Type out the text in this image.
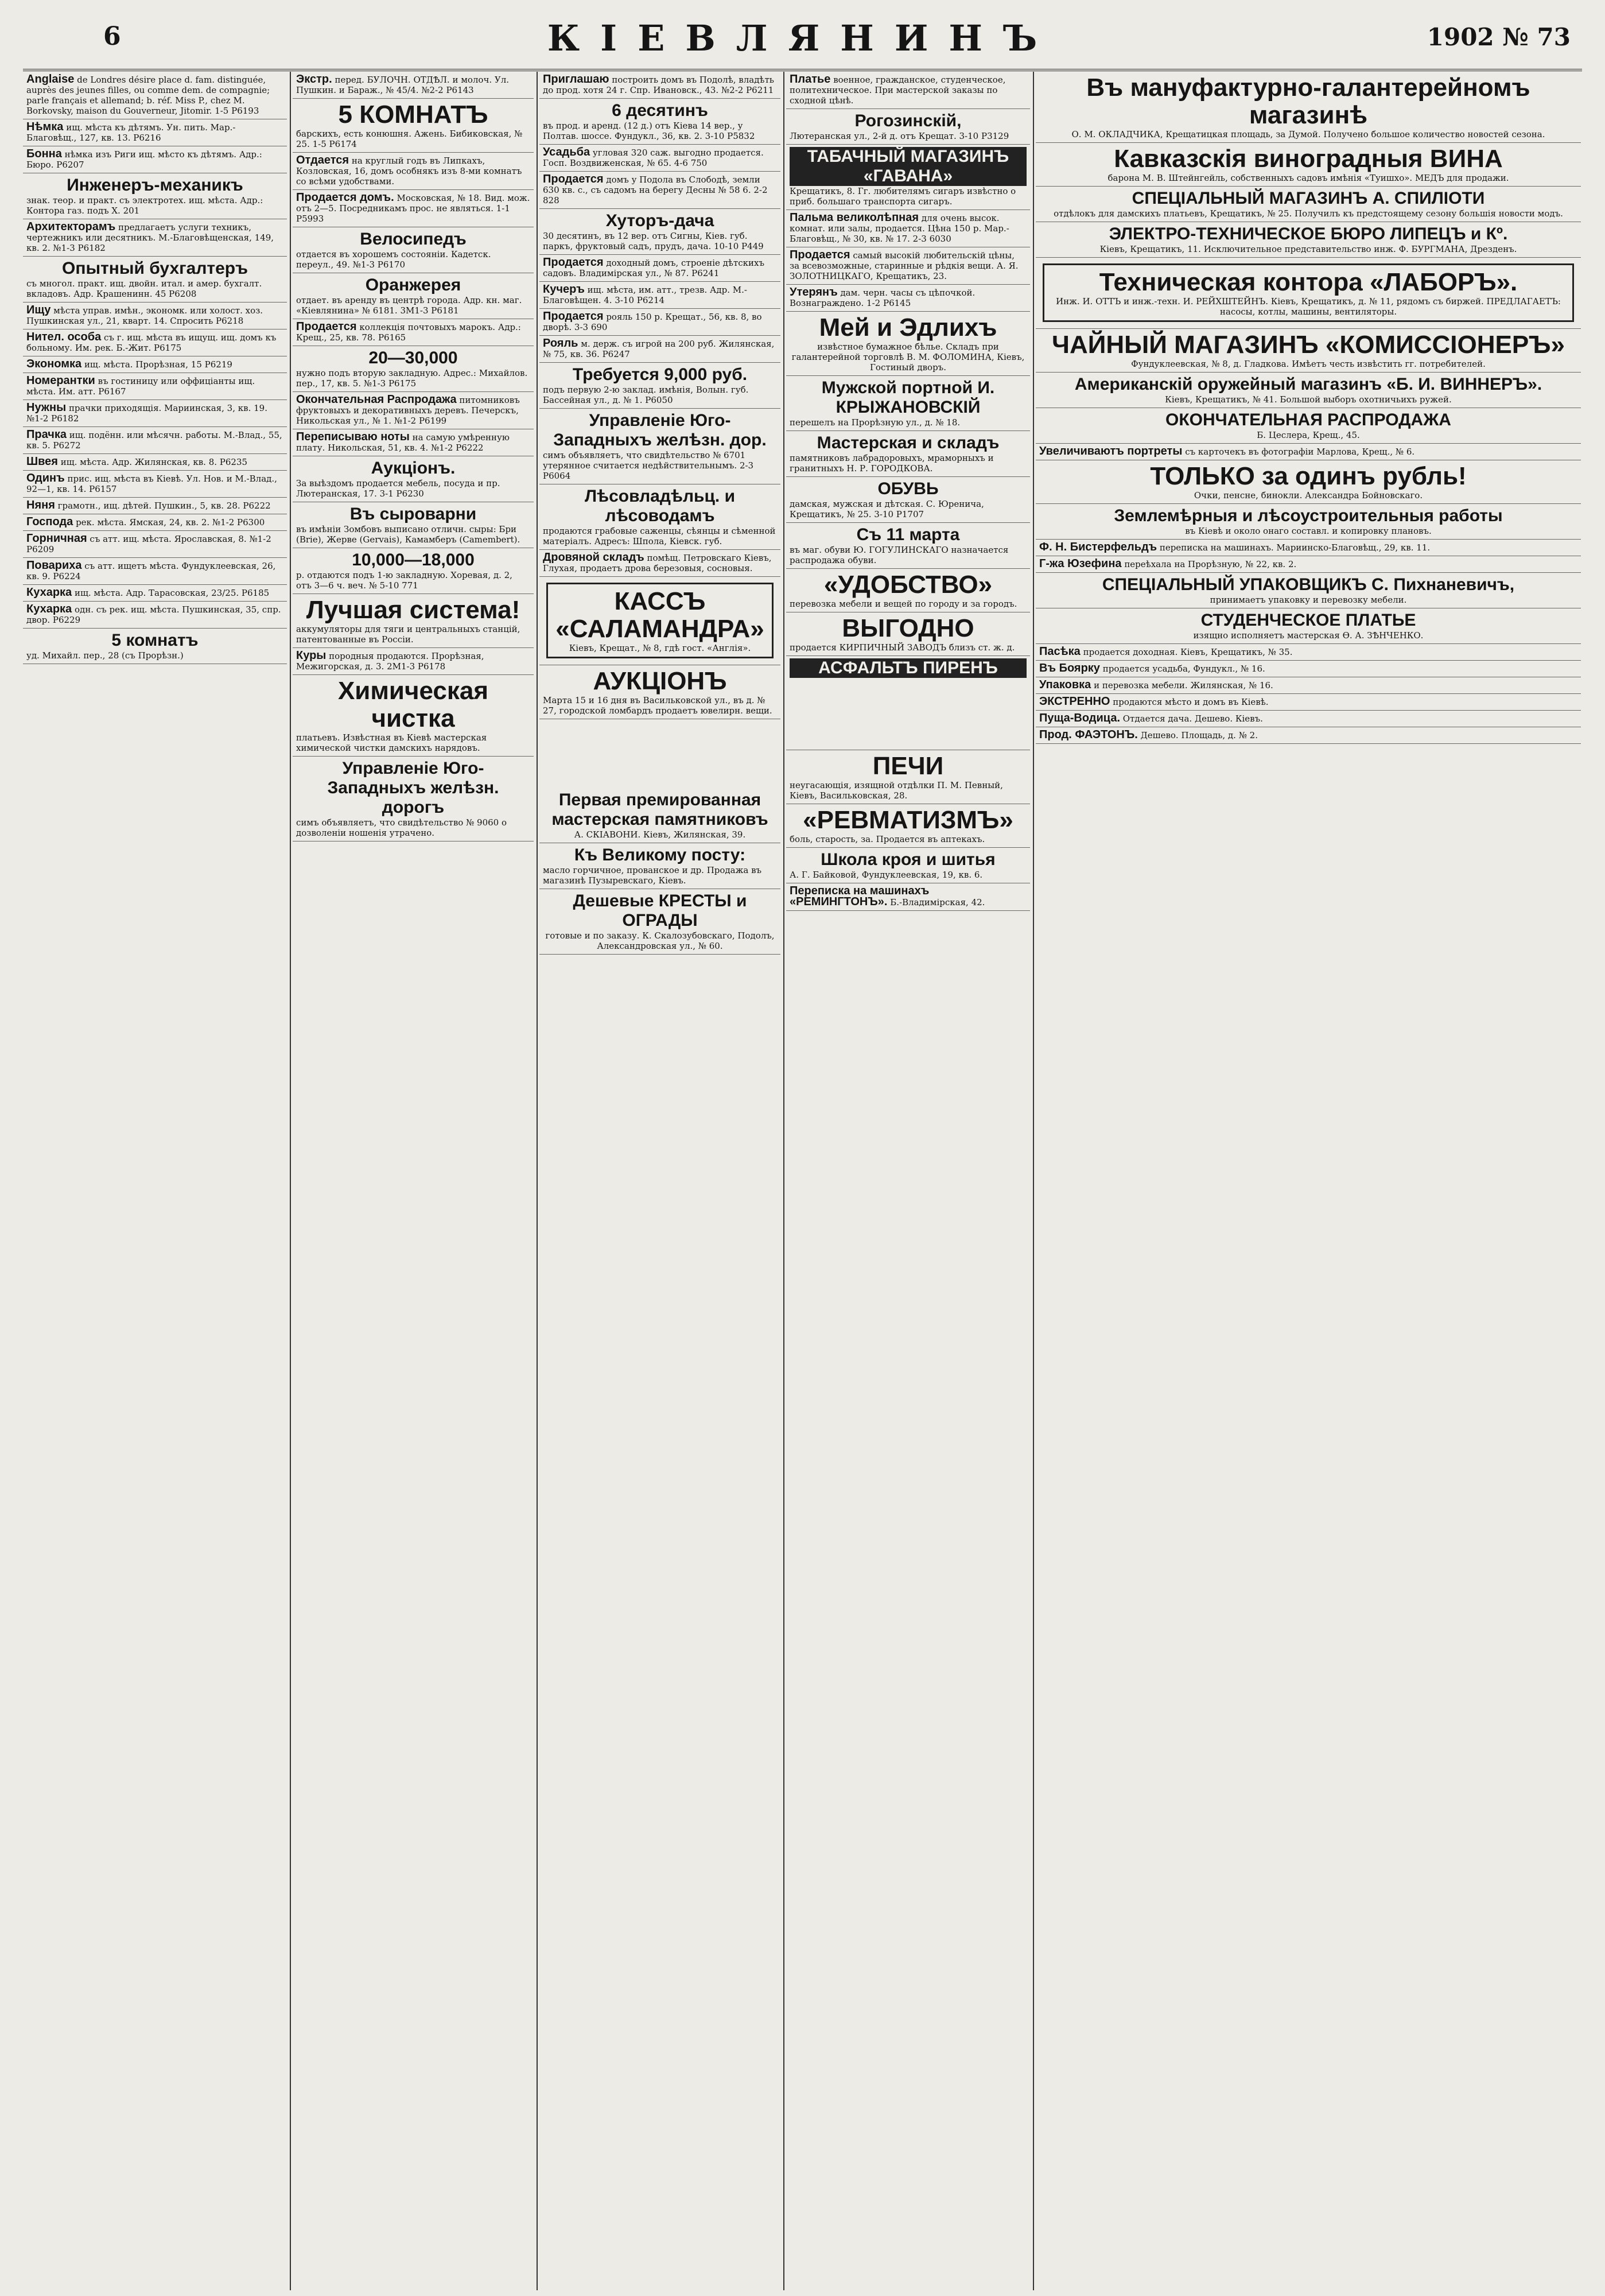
6	КІЕВЛЯНИНЪ	1902 № 73
Anglaise de Londres désire place d. fam. distinguée, auprès des jeunes filles, ou comme dem. de compagnie; parle français et allemand; b. réf. Miss P., chez M. Borkovsky, maison du Gouverneur, Jitomir. 1-5 Р6193
Нѣмка ищ. мѣста къ дѣтямъ. Ун. пить. Мар.-Благовѣщ., 127, кв. 13. Р6216
Бонна нѣмка изъ Риги ищ. мѣсто къ дѣтямъ. Адр.: Бюро. Р6207
Инженеръ-механикъ
знак. теор. и практ. съ электротех. ищ. мѣста. Адр.: Контора газ. подъ Х. 201
Архитекторамъ предлагаетъ услуги техникъ, чертежникъ или десятникъ. М.-Благовѣщенская, 149, кв. 2. №1-3 Р6182
Опытный бухгалтеръ
съ многол. практ. ищ. двойн. итал. и амер. бухгалт. вкладовъ. Адр. Крашенинн. 45 Р6208
Ищу мѣста управ. имѣн., экономк. или холост. хоз. Пушкинская ул., 21, кварт. 14. Спросить Р6218
Нител. особа съ г. ищ. мѣста въ ищущ. ищ. домъ къ больному. Им. рек. Б.-Жит. Р6175
Экономка ищ. мѣста. Прорѣзная, 15 Р6219
Номерантки въ гостиницу или оффиціанты ищ. мѣста. Им. атт. Р6167
Нужны прачки приходящія. Мариинская, 3, кв. 19. №1-2 Р6182
Прачка ищ. подённ. или мѣсячн. работы. М.-Влад., 55, кв. 5. Р6272
Швея ищ. мѣста. Адр. Жилянская, кв. 8. Р6235
Одинъ прис. ищ. мѣста въ Кіевѣ. Ул. Нов. и М.-Влад., 92—1, кв. 14. Р6157
Няня грамотн., ищ. дѣтей. Пушкин., 5, кв. 28. Р6222
Господа рек. мѣста. Ямская, 24, кв. 2. №1-2 Р6300
Горничная съ атт. ищ. мѣста. Ярославская, 8. №1-2 Р6209
Повариха съ атт. ищетъ мѣста. Фундуклеевская, 26, кв. 9. Р6224
Кухарка ищ. мѣста. Адр. Тарасовская, 23/25. Р6185
Кухарка одн. съ рек. ищ. мѣста. Пушкинская, 35, спр. двор. Р6229
5 комнатъ
уд. Михайл. пер., 28 (съ Прорѣзн.)
Экстр. перед. БУЛОЧН. ОТДѢЛ. и молоч. Ул. Пушкин. и Бараж., № 45/4. №2-2 Р6143
5 КОМНАТЪ
барскихъ, есть конюшня. Ажень. Бибиковская, № 25. 1-5 Р6174
Отдается на круглый годъ въ Липкахъ, Козловская, 16, домъ особнякъ изъ 8-ми комнатъ со всѣми удобствами.
Продается домъ. Московская, № 18. Вид. мож. отъ 2—5. Посредникамъ прос. не являться. 1-1 Р5993
Велосипедъ
отдается въ хорошемъ состояніи. Кадетск. переул., 49. №1-3 Р6170
Оранжерея
отдает. въ аренду въ центрѣ города. Адр. кн. маг. «Кіевлянина» № 6181. 3М1-3 Р6181
Продается коллекція почтовыхъ марокъ. Адр.: Крещ., 25, кв. 78. Р6165
20—30,000
нужно подъ вторую закладную. Адрес.: Михайлов. пер., 17, кв. 5. №1-3 Р6175
Окончательная Распродажа питомниковъ фруктовыхъ и декоративныхъ деревъ. Печерскъ, Никольская ул., № 1. №1-2 Р6199
Переписываю ноты на самую умѣренную плату. Никольская, 51, кв. 4. №1-2 Р6222
Аукціонъ.
За выѣздомъ продается мебель, посуда и пр. Лютеранская, 17. 3-1 Р6230
Въ сыроварни
въ имѣніи Зомбовъ выписано отличн. сыры: Бри (Brie), Жерве (Gervais), Камамберъ (Camembert).
10,000—18,000
р. отдаются подъ 1-ю закладную. Хоревая, д. 2, отъ 3—6 ч. веч. № 5-10 771
Лучшая система!
аккумуляторы для тяги и центральныхъ станцій, патентованные въ Россіи.
Куры породныя продаются. Прорѣзная, Межигорская, д. 3. 2М1-3 Р6178
Химическая чистка
платьевъ. Извѣстная въ Кіевѣ мастерская химической чистки дамскихъ нарядовъ.
Управленіе Юго-Западныхъ желѣзн. дорогъ
симъ объявляетъ, что свидѣтельство № 9060 о дозволеніи ношенія утрачено.
Приглашаю построить домъ въ Подолѣ, владѣть до прод. хотя 24 г. Спр. Ивановск., 43. №2-2 Р6211
6 десятинъ
въ прод. и аренд. (12 д.) отъ Кіева 14 вер., у Полтав. шоссе. Фундукл., 36, кв. 2. 3-10 Р5832
Усадьба угловая 320 саж. выгодно продается. Госп. Воздвиженская, № 65. 4-6 750
Продается домъ у Подола въ Слободѣ, земли 630 кв. с., съ садомъ на берегу Десны № 58 6. 2-2 828
Хуторъ-дача
30 десятинъ, въ 12 вер. отъ Сигны, Кіев. губ. паркъ, фруктовый садъ, прудъ, дача. 10-10 Р449
Продается доходный домъ, строеніе дѣтскихъ садовъ. Владимірская ул., № 87. Р6241
Кучеръ ищ. мѣста, им. атт., трезв. Адр. М.-Благовѣщен. 4. 3-10 Р6214
Продается рояль 150 р. Крещат., 56, кв. 8, во дворѣ. 3-3 690
Рояль м. держ. съ игрой на 200 руб. Жилянская, № 75, кв. 36. Р6247
Требуется 9,000 руб.
подъ первую 2-ю заклад. имѣнія, Волын. губ. Бассейная ул., д. № 1. Р6050
Управленіе Юго-Западныхъ желѣзн. дор.
симъ объявляетъ, что свидѣтельство № 6701 утерянное считается недѣйствительнымъ. 2-3 Р6064
Лѣсовладѣльц. и лѣсоводамъ
продаются грабовые саженцы, сѣянцы и сѣменной матеріалъ. Адресъ: Шпола, Кіевск. губ.
Дровяной складъ помѣщ. Петровскаго Кіевъ, Глухая, продаетъ дрова березовыя, сосновыя.
КАССЪ «САЛАМАНДРА»
Кіевъ, Крещат., № 8, гдѣ гост. «Англія».
АУКЦІОНЪ
Марта 15 и 16 дня въ Васильковской ул., въ д. № 27, городской ломбардъ продаетъ ювелирн. вещи.
Первая премированная мастерская памятниковъ
А. СКІАВОНИ. Кіевъ, Жилянская, 39.
Къ Великому посту:
масло горчичное, прованское и др. Продажа въ магазинѣ Пузыревскаго, Кіевъ.
Дешевые КРЕСТЫ и ОГРАДЫ
готовые и по заказу. К. Скалозубовскаго, Подолъ, Александровская ул., № 60.
Платье военное, гражданское, студенческое, политехническое. При мастерской заказы по сходной цѣнѣ.
Рогозинскій,
Лютеранская ул., 2-й д. отъ Крещат. 3-10 Р3129
ТАБАЧНЫЙ МАГАЗИНЪ «ГАВАНА»
Крещатикъ, 8. Гг. любителямъ сигаръ извѣстно о приб. большаго транспорта сигаръ.
Пальма великолѣпная для очень высок. комнат. или залы, продается. Цѣна 150 р. Мар.-Благовѣщ., № 30, кв. № 17. 2-3 6030
Продается самый высокій любительскій цѣны, за всевозможные, старинные и рѣдкія вещи. А. Я. ЗОЛОТНИЦКАГО, Крещатикъ, 23.
Утерянъ дам. черн. часы съ цѣпочкой. Вознаграждено. 1-2 Р6145
Мей и Эдлихъ
извѣстное бумажное бѣлье. Складъ при галантерейной торговлѣ В. М. ФОЛОМИНА, Кіевъ, Гостиный дворъ.
Мужской портной И. КРЫЖАНОВСКІЙ
перешелъ на Прорѣзную ул., д. № 18.
Мастерская и складъ
памятниковъ лабрадоровыхъ, мраморныхъ и гранитныхъ Н. Р. ГОРОДКОВА.
ОБУВЬ
дамская, мужская и дѣтская. С. Юренича, Крещатикъ, № 25. 3-10 Р1707
Съ 11 марта
въ маг. обуви Ю. ГОГУЛИНСКАГО назначается распродажа обуви.
«УДОБСТВО»
перевозка мебели и вещей по городу и за городъ.
ВЫГОДНО
продается КИРПИЧНЫЙ ЗАВОДЪ близъ ст. ж. д.
АСФАЛЬТЪ ПИРЕНЪ
ПЕЧИ
неугасающія, изящной отдѣлки П. М. Певный, Кіевъ, Васильковская, 28.
«РЕВМАТИЗМЪ»
боль, старость, за. Продается въ аптекахъ.
Школа кроя и шитья
А. Г. Байковой, Фундуклеевская, 19, кв. 6.
Переписка на машинахъ «РЕМИНГТОНЪ». Б.-Владимірская, 42.
Въ мануфактурно-галантерейномъ магазинѣ
О. М. ОКЛАДЧИКА, Крещатицкая площадь, за Думой. Получено большое количество новостей сезона.
Кавказскія виноградныя ВИНА
барона М. В. Штейнгейль, собственныхъ садовъ имѣнія «Туишхо». МЕДЪ для продажи.
СПЕЦІАЛЬНЫЙ МАГАЗИНЪ А. СПИЛІОТИ
отдѣлокъ для дамскихъ платьевъ, Крещатикъ, № 25. Получилъ къ предстоящему сезону большія новости модъ.
ЭЛЕКТРО-ТЕХНИЧЕСКОЕ БЮРО ЛИПЕЦЪ и Кº.
Кіевъ, Крещатикъ, 11. Исключительное представительство инж. Ф. БУРГМАНА, Дрезденъ.
Техническая контора «ЛАБОРЪ».
Инж. И. ОТТЪ и инж.-техн. И. РЕЙХШТЕЙНЪ. Кіевъ, Крещатикъ, д. № 11, рядомъ съ биржей. ПРЕДЛАГАЕТЪ: насосы, котлы, машины, вентиляторы.
ЧАЙНЫЙ МАГАЗИНЪ «КОМИССІОНЕРЪ»
Фундуклеевская, № 8, д. Гладкова. Имѣетъ честь извѣстить гг. потребителей.
Американскій оружейный магазинъ «Б. И. ВИННЕРЪ».
Кіевъ, Крещатикъ, № 41. Большой выборъ охотничьихъ ружей.
ОКОНЧАТЕЛЬНАЯ РАСПРОДАЖА
Б. Цеслера, Крещ., 45.
Увеличиваютъ портреты съ карточекъ въ фотографіи Марлова, Крещ., № 6.
ТОЛЬКО за одинъ рубль!
Очки, пенсне, бинокли. Александра Бойновскаго.
Землемѣрныя и лѣсоустроительныя работы
въ Кіевѣ и около онаго составл. и копировку плановъ.
Ф. Н. Бистерфельдъ переписка на машинахъ. Мариинско-Благовѣщ., 29, кв. 11.
Г-жа Юзефина переѣхала на Прорѣзную, № 22, кв. 2.
СПЕЦІАЛЬНЫЙ УПАКОВЩИКЪ С. Пихнаневичъ,
принимаетъ упаковку и перевозку мебели.
СТУДЕНЧЕСКОЕ ПЛАТЬЕ
изящно исполняетъ мастерская Ѳ. А. ЗѢНЧЕНКО.
Пасѣка продается доходная. Кіевъ, Крещатикъ, № 35.
Въ Боярку продается усадьба, Фундукл., № 16.
Упаковка и перевозка мебели. Жилянская, № 16.
ЭКСТРЕННО продаются мѣсто и домъ въ Кіевѣ.
Пуща-Водица. Отдается дача. Дешево. Кіевъ.
Прод. ФАЭТОНЪ. Дешево. Площадь, д. № 2.
